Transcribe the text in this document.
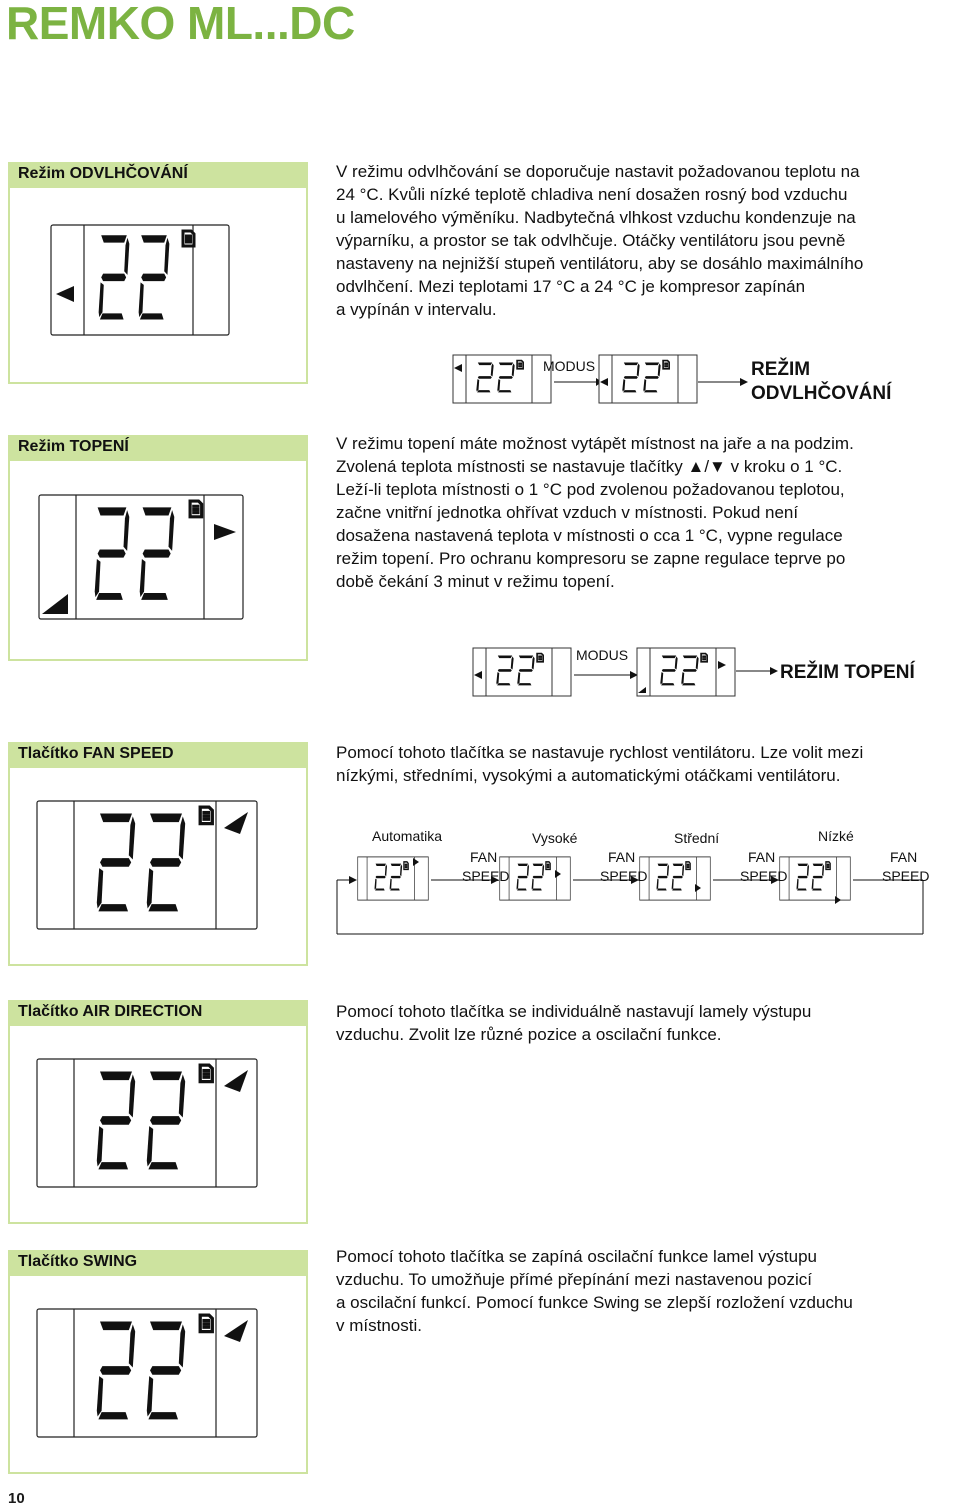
REMKO ML...DC
Režim ODVLHČOVÁNÍ	V režimu odvlhčování se doporučuje nastavit požadovanou teplotu na
24 °C. Kvůli nízké teplotě chladiva není dosažen rosný bod vzduchu
u lamelového výměníku. Nadbytečná vlhkost vzduchu kondenzuje na
výparníku, a prostor se tak odvlhčuje. Otáčky ventilátoru jsou pevně
nastaveny na nejnižší stupeň ventilátoru, aby se dosáhlo maximálního
odvlhčení. Mezi teplotami 17 °C a 24 °C je kompresor zapínán
a vypínán v intervalu.
MODUS	REŽIM
ODVLHČOVÁNÍ
Režim TOPENÍ	V režimu topení máte možnost vytápět místnost na jaře a na podzim.
Zvolená teplota místnosti se nastavuje tlačítky ▲/▼ v kroku o 1 °C.
Leží-li teplota místnosti o 1 °C pod zvolenou požadovanou teplotou,
začne vnitřní jednotka ohřívat vzduch v místnosti. Pokud není
dosažena nastavená teplota v místnosti o cca 1 °C, vypne regulace
režim topení. Pro ochranu kompresoru se zapne regulace teprve po
době čekání 3 minut v režimu topení.
MODUS
REŽIM TOPENÍ
Tlačítko FAN SPEED	Pomocí tohoto tlačítka se nastavuje rychlost ventilátoru. Lze volit mezi
nízkými, středními, vysokými a automatickými otáčkami ventilátoru.
Automatika	Vysoké	Střední	Nízké
FAN
SPEED
FAN
SPEED
FAN
SPEED
FAN
SPEED
Tlačítko AIR DIRECTION	Pomocí tohoto tlačítka se individuálně nastavují lamely výstupu
vzduchu. Zvolit lze různé pozice a oscilační funkce.
Tlačítko SWING	Pomocí tohoto tlačítka se zapíná oscilační funkce lamel výstupu
vzduchu. To umožňuje přímé přepínání mezi nastavenou pozicí
a oscilační funkcí. Pomocí funkce Swing se zlepší rozložení vzduchu
v místnosti.
10
